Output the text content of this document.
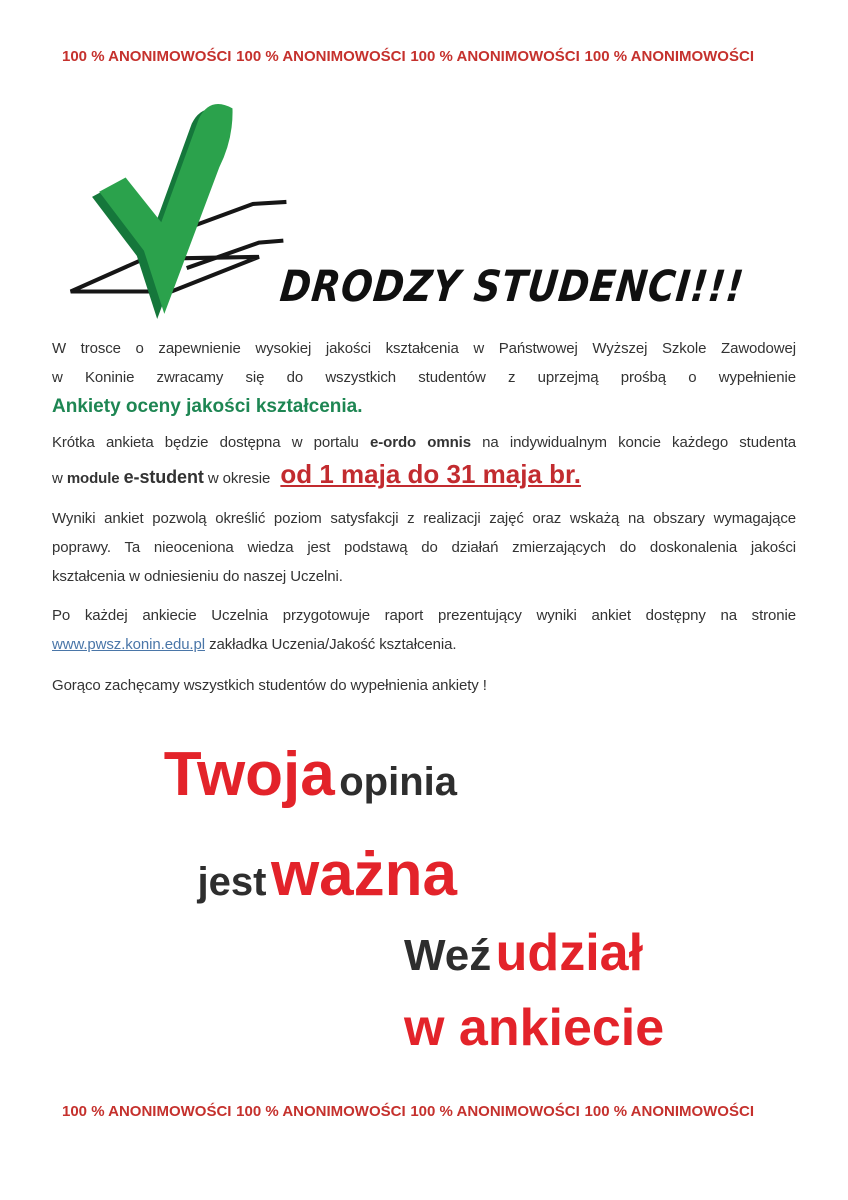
100 % ANONIMOWOŚCI 100 % ANONIMOWOŚCI 100 % ANONIMOWOŚCI 100 % ANONIMOWOŚCI
DRODZY STUDENCI!!!
W trosce o zapewnienie wysokiej jakości kształcenia w Państwowej Wyższej Szkole Zawodowej
w Koninie zwracamy się do wszystkich studentów z uprzejmą prośbą o wypełnienie
Ankiety oceny jakości kształcenia.
Krótka ankieta będzie dostępna w portalu e-ordo omnis na indywidualnym koncie każdego studenta
w module e-student w okresie od 1 maja do 31 maja br.
Wyniki ankiet pozwolą określić poziom satysfakcji z realizacji zajęć oraz wskażą na obszary wymagające
poprawy. Ta nieoceniona wiedza jest podstawą do działań zmierzających do doskonalenia jakości
kształcenia w odniesieniu do naszej Uczelni.
Po każdej ankiecie Uczelnia przygotowuje raport prezentujący wyniki ankiet dostępny na stronie
www.pwsz.konin.edu.pl zakładka Uczenia/Jakość kształcenia.
Gorąco zachęcamy wszystkich studentów do wypełnienia ankiety !
Twoja opinia
jest ważna
Weź udział
w ankiecie
100 % ANONIMOWOŚCI 100 % ANONIMOWOŚCI 100 % ANONIMOWOŚCI 100 % ANONIMOWOŚCI
